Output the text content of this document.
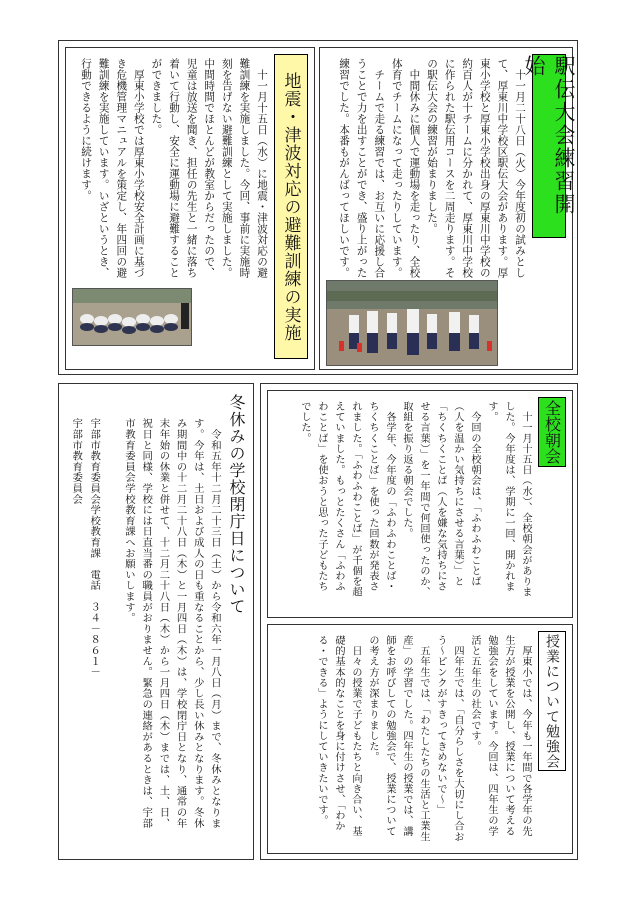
駅伝大会練習開始
　十一月二十八日（火）今年度初の試みとして、厚東川中学校区駅伝大会があります。厚東小学校と厚東小学校出身の厚東川中学校の約百人が十チームに分かれて、厚東川中学校に作られた駅伝用コースを二周走ります。その駅伝大会の練習が始まりました。
　中間休みに個人で運動場を走ったり、全校体育でチームになって走ったりしています。
　チームで走る練習では、お互いに応援し合うことで力を出すことができ、盛り上がった練習でした。本番もがんばってほしいです。
地震・津波対応の避難訓練の実施
　十一月十五日（水）に地震・津波対応の避難訓練を実施しました。今回、事前に実施時刻を告げない避難訓練として実施しました。中間時間でほとんどが教室からだったので、児童は放送を聞き、担任の先生と一緒に落ち着いて行動し、安全に運動場に避難することができました。
　厚東小学校では厚東小学校安全計画に基づき危機管理マニュアルを策定し、年四回の避難訓練を実施しています。いざというとき、行動できるように続けます。
冬休みの学校閉庁日について
　令和五年十二月二十三日（土）から令和六年一月八日（月）まで、冬休みとなります。今年は、土日および成人の日も重なることから、少し長い休みとなります。冬休み期間中の十二月二十八日（木）と一月四日（木）は、学校閉庁日となり、通常の年末年始の休業と併せて、十二月二十八日（木）から一月四日（木）までは、土、日、祝日と同様、学校には日直当番の職員がおりません。緊急の連絡があるときは、宇部市教育委員会学校教育課へお願いします。
宇部市教育委員会学校教育課　電話　３４－８６１－
宇部市教育委員会	全校朝会
　十一月十五日（水）、全校朝会がありました。今年度は、学期に一回、開かれます。
　今回の全校朝会は、「ふわふわことば（人を温かい気持ちにさせる言葉）」と「ちくちくことば（人を嫌な気持ちにさせる言葉）」を一年間で何回使ったのか、取組を振り返る朝会でした。
　各学年、今年度の「ふわふわことば・ちくちくことば」を使った回数が発表されました。「ふわふわことば」が千個を超えていました。もっとたくさん「ふわふわことば」を使おうと思った子どもたちでした。
授業について勉強会
　厚東小では、今年も一年間で各学年の先生方が授業を公開し、授業について考える勉強会をしています。今回は、四年生の学活と五年生の社会です。
　四年生では、「自分らしさを大切にし合おう～ピンクがすきってきめないで～」
　五年生では、「わたしたちの生活と工業生産」の学習でした。四年生の授業では、講師をお呼びしての勉強会で、授業についての考え方が深まりました。
　日々の授業で子どもたちと向き合い、基礎的基本的なことを身に付けさせ、「わかる・できる」ようにしていきたいです。
